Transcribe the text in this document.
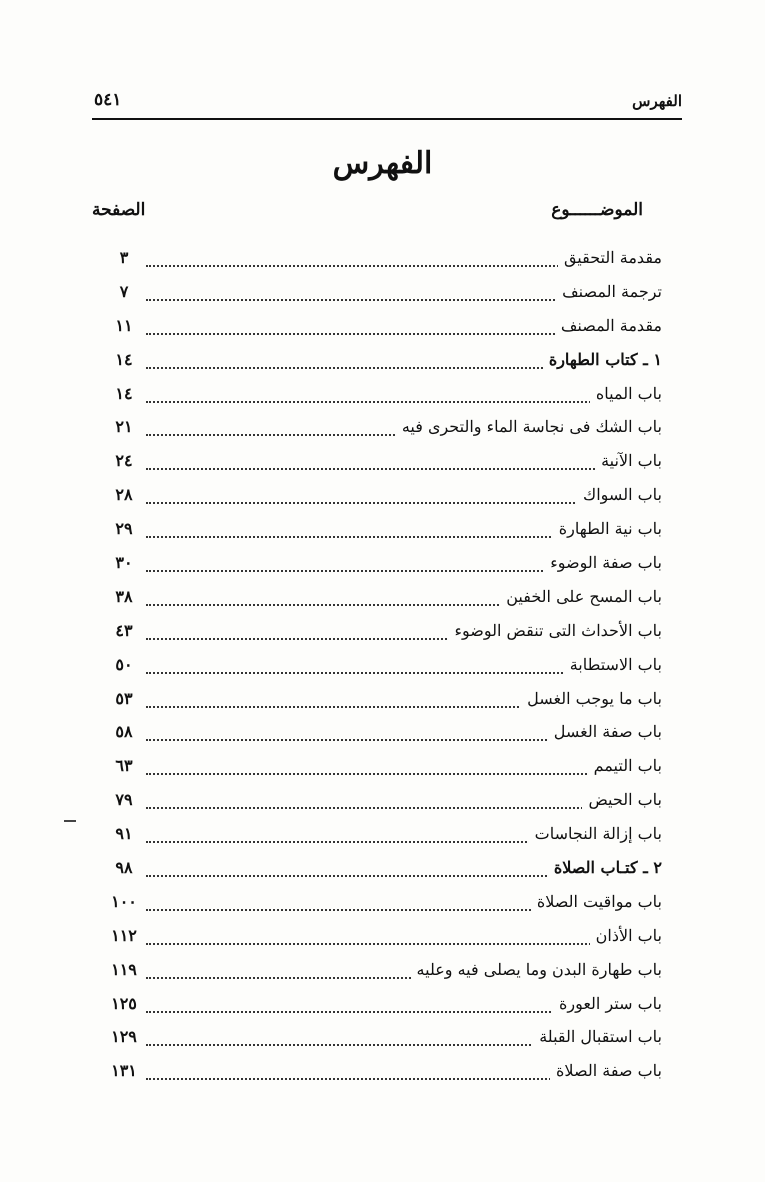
الفهرس
٥٤١
الفهرس
الموضــــــوع
الصفحة
مقدمة التحقيق
٣
ترجمة المصنف
٧
مقدمة المصنف
١١
١ ـ كتاب الطهارة
١٤
باب المياه
١٤
باب الشك فى نجاسة الماء والتحرى فيه
٢١
باب الآنية
٢٤
باب السواك
٢٨
باب نية الطهارة
٢٩
باب صفة الوضوء
٣٠
باب المسح على الخفين
٣٨
باب الأحداث التى تنقض الوضوء
٤٣
باب الاستطابة
٥٠
باب ما يوجب الغسل
٥٣
باب صفة الغسل
٥٨
باب التيمم
٦٣
باب الحيض
٧٩
باب إزالة النجاسات
٩١
٢ ـ كتـاب الصلاة
٩٨
باب مواقيت الصلاة
١٠٠
باب الأذان
١١٢
باب طهارة البدن وما يصلى فيه وعليه
١١٩
باب ستر العورة
١٢٥
باب استقبال القبلة
١٢٩
باب صفة الصلاة
١٣١
